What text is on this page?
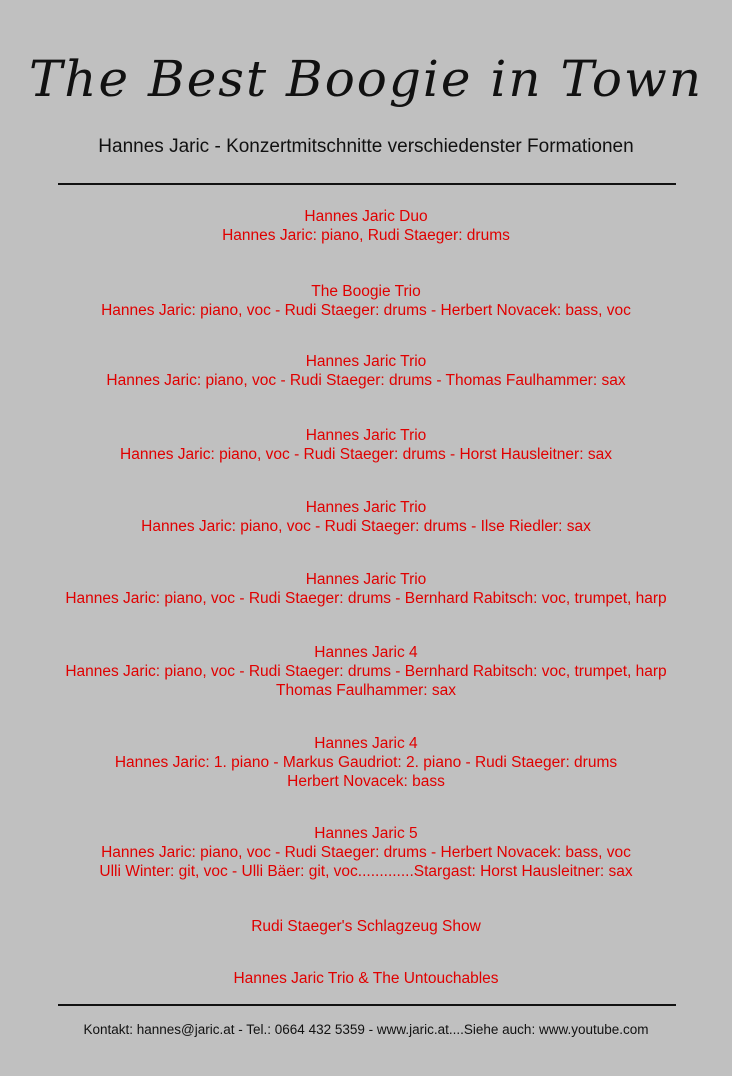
The Best Boogie in Town
Hannes Jaric - Konzertmitschnitte verschiedenster Formationen
Hannes Jaric Duo
Hannes Jaric: piano, Rudi Staeger: drums
The Boogie Trio
Hannes Jaric: piano, voc - Rudi Staeger: drums - Herbert Novacek: bass, voc
Hannes Jaric Trio
Hannes Jaric: piano, voc - Rudi Staeger: drums - Thomas Faulhammer: sax
Hannes Jaric Trio
Hannes Jaric: piano, voc - Rudi Staeger: drums - Horst Hausleitner: sax
Hannes Jaric Trio
Hannes Jaric: piano, voc - Rudi Staeger: drums - Ilse Riedler: sax
Hannes Jaric Trio
Hannes Jaric: piano, voc - Rudi Staeger: drums - Bernhard Rabitsch: voc, trumpet, harp
Hannes Jaric 4
Hannes Jaric: piano, voc - Rudi Staeger: drums - Bernhard Rabitsch: voc, trumpet, harp
Thomas Faulhammer: sax
Hannes Jaric 4
Hannes Jaric: 1. piano - Markus Gaudriot: 2. piano - Rudi Staeger: drums
Herbert Novacek: bass
Hannes Jaric 5
Hannes Jaric: piano, voc - Rudi Staeger: drums - Herbert Novacek: bass, voc
Ulli Winter: git, voc - Ulli Bäer: git, voc.............Stargast: Horst Hausleitner: sax
Rudi Staeger's Schlagzeug Show
Hannes Jaric Trio & The Untouchables
Kontakt: hannes@jaric.at - Tel.: 0664 432 5359 - www.jaric.at....Siehe auch: www.youtube.com
